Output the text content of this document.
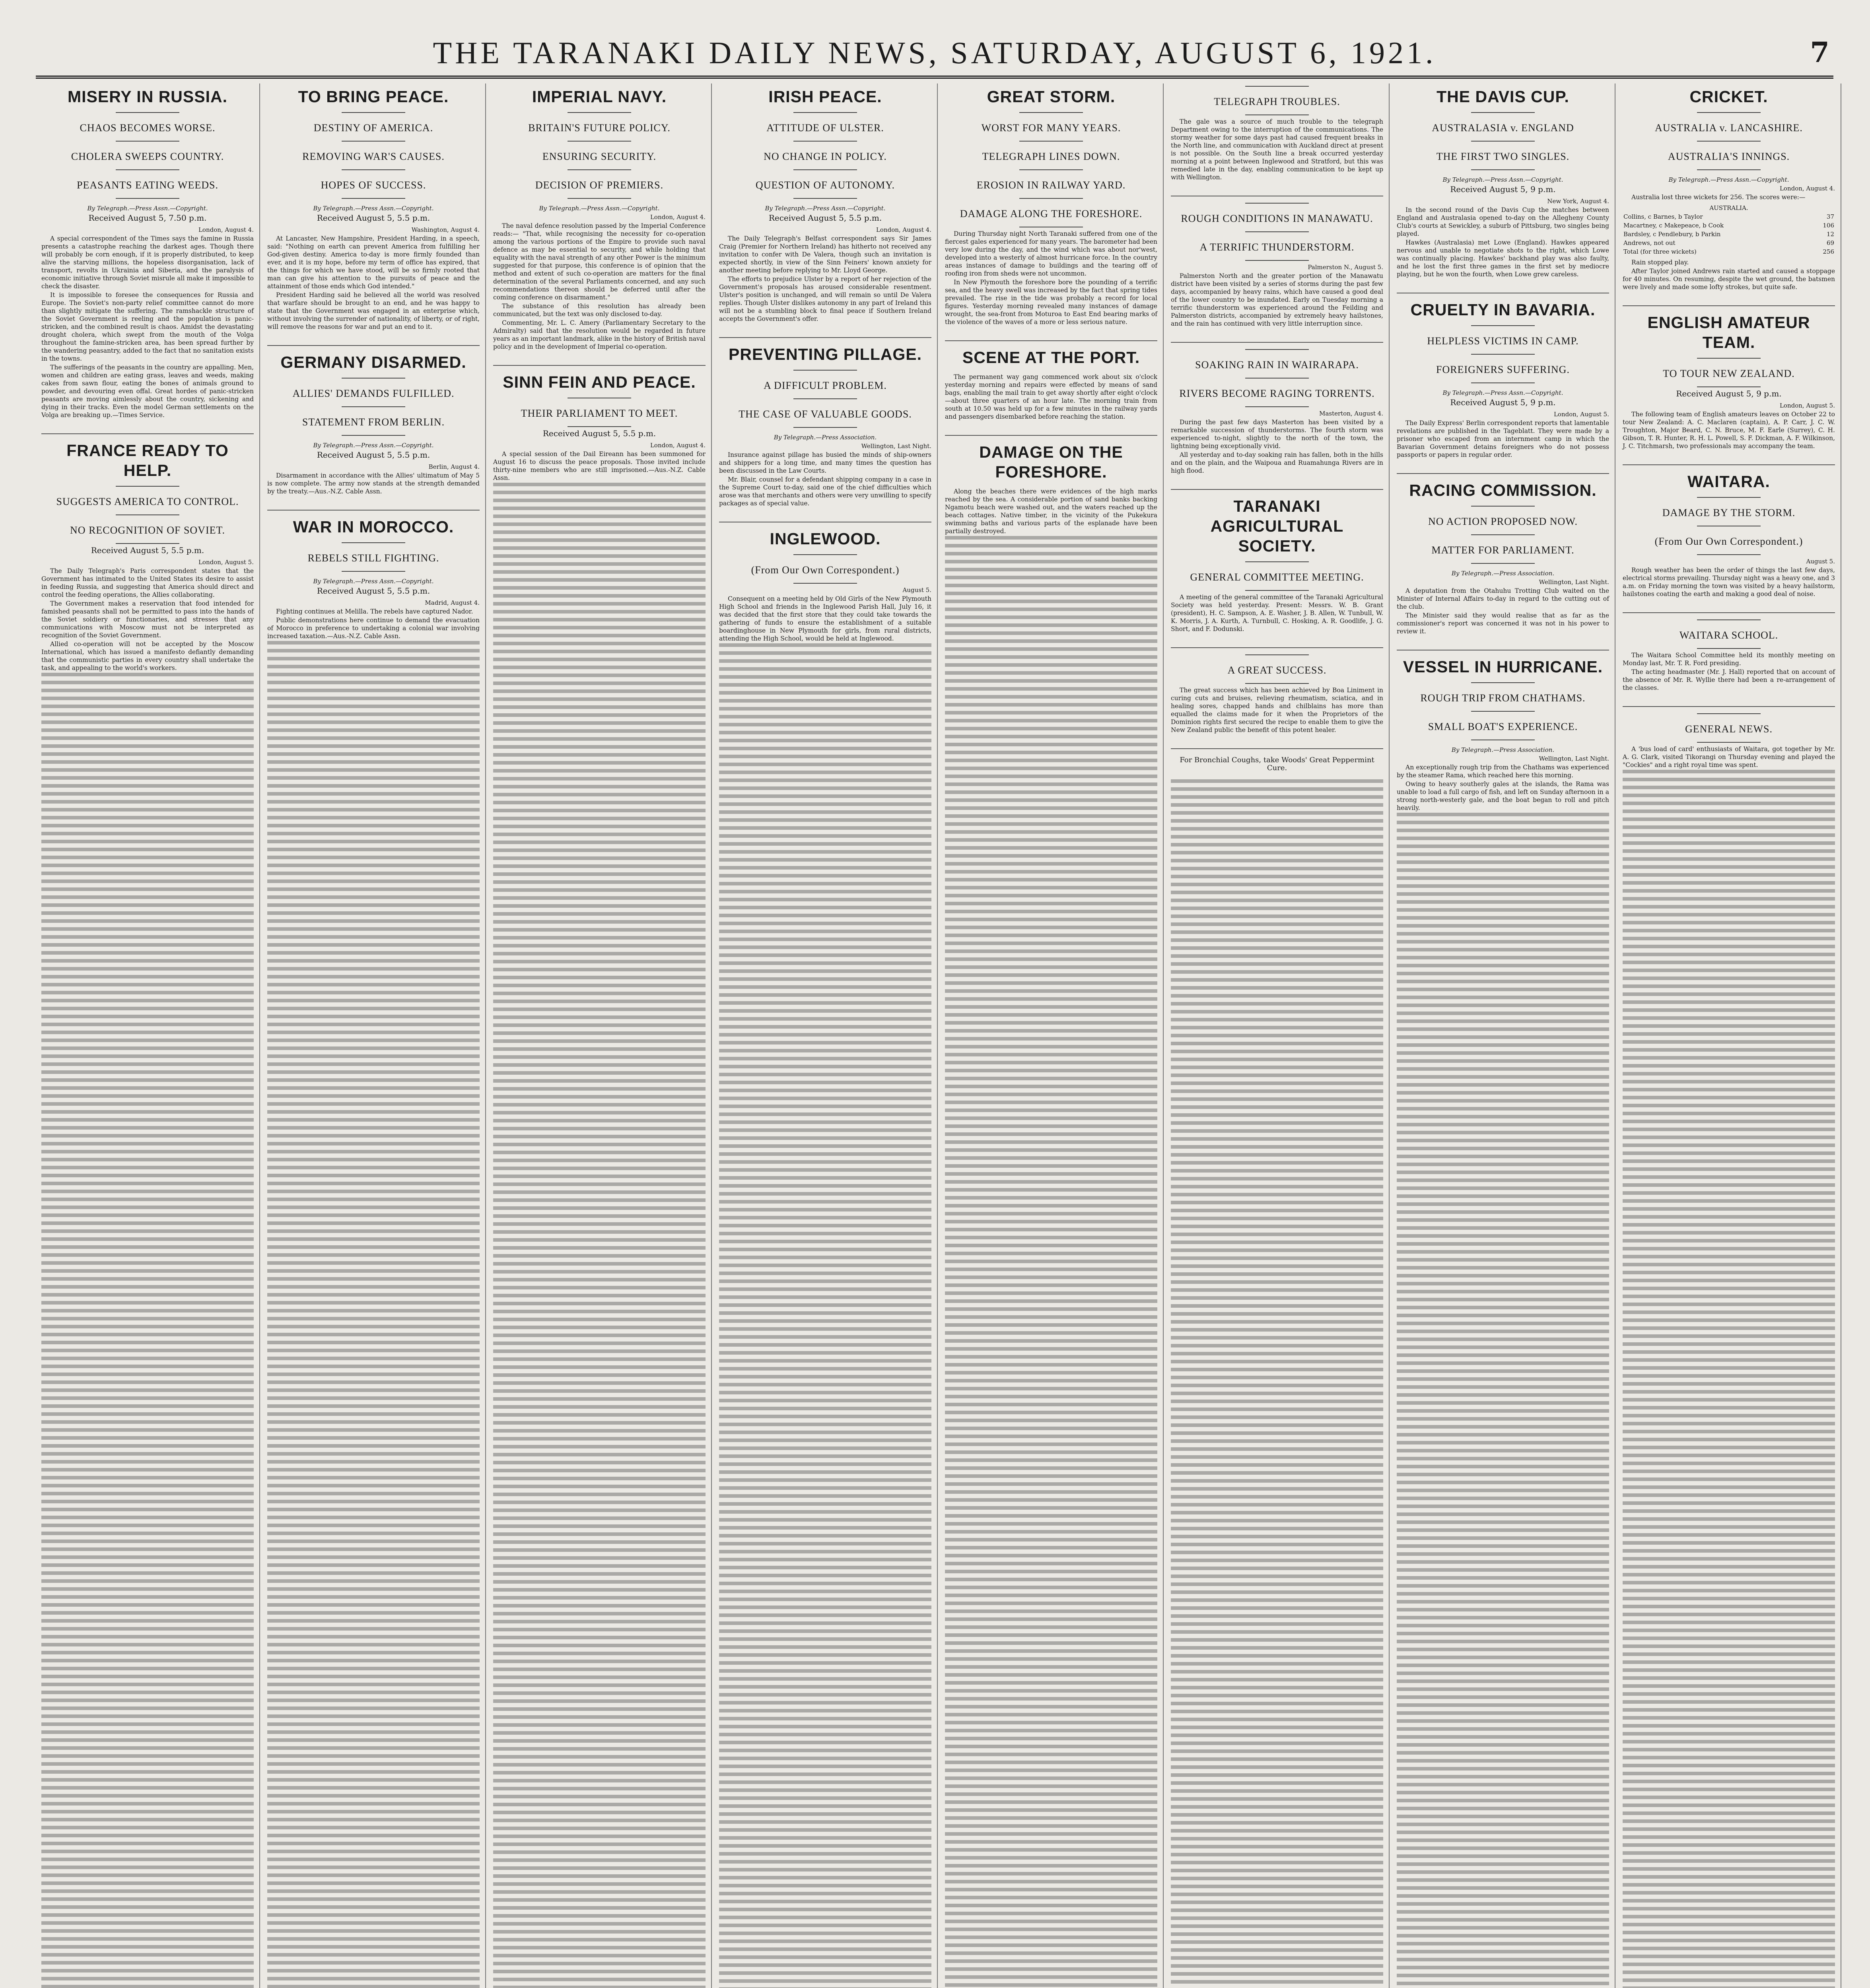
THE TARANAKI DAILY NEWS, SATURDAY, AUGUST 6, 1921.	7
MISERY IN RUSSIA.
CHAOS BECOMES WORSE.
CHOLERA SWEEPS COUNTRY.
PEASANTS EATING WEEDS.
By Telegraph.—Press Assn.—Copyright.
Received August 5, 7.50 p.m.
London, August 4.

A special correspondent of the Times says the famine in Russia presents a catastrophe reaching the darkest ages. Though there will probably be corn enough, if it is properly distributed, to keep alive the starving millions, the hopeless disorganisation, lack of transport, revolts in Ukrainia and Siberia, and the paralysis of economic initiative through Soviet misrule all make it impossible to check the disaster.

It is impossible to foresee the consequences for Russia and Europe. The Soviet's non-party relief committee cannot do more than slightly mitigate the suffering. The ramshackle structure of the Soviet Government is reeling and the population is panic-stricken, and the combined result is chaos. Amidst the devastating drought cholera, which swept from the mouth of the Volga throughout the famine-stricken area, has been spread further by the wandering peasantry, added to the fact that no sanitation exists in the towns.

The sufferings of the peasants in the country are appalling. Men, women and children are eating grass, leaves and weeds, making cakes from sawn flour, eating the bones of animals ground to powder, and devouring even offal. Great hordes of panic-stricken peasants are moving aimlessly about the country, sickening and dying in their tracks. Even the model German settlements on the Volga are breaking up.—Times Service.

FRANCE READY TO HELP.
SUGGESTS AMERICA TO CONTROL.
NO RECOGNITION OF SOVIET.
Received August 5, 5.5 p.m.
London, August 5.

The Daily Telegraph's Paris correspondent states that the Government has intimated to the United States its desire to assist in feeding Russia, and suggesting that America should direct and control the feeding operations, the Allies collaborating.

The Government makes a reservation that food intended for famished peasants shall not be permitted to pass into the hands of the Soviet soldiery or functionaries, and stresses that any communications with Moscow must not be interpreted as recognition of the Soviet Government.

Allied co-operation will not be accepted by the Moscow International, which has issued a manifesto defiantly demanding that the communistic parties in every country shall undertake the task, and appealing to the world's workers.

TO BRING PEACE.
DESTINY OF AMERICA.
REMOVING WAR'S CAUSES.
HOPES OF SUCCESS.
By Telegraph.—Press Assn.—Copyright.
Received August 5, 5.5 p.m.
Washington, August 4.

At Lancaster, New Hampshire, President Harding, in a speech, said: "Nothing on earth can prevent America from fulfilling her God-given destiny. America to-day is more firmly founded than ever, and it is my hope, before my term of office has expired, that the things for which we have stood, will be so firmly rooted that man can give his attention to the pursuits of peace and the attainment of those ends which God intended."

President Harding said he believed all the world was resolved that warfare should be brought to an end, and he was happy to state that the Government was engaged in an enterprise which, without involving the surrender of nationality, of liberty, or of right, will remove the reasons for war and put an end to it.

GERMANY DISARMED.
ALLIES' DEMANDS FULFILLED.
STATEMENT FROM BERLIN.
By Telegraph.—Press Assn.—Copyright.
Received August 5, 5.5 p.m.
Berlin, August 4.

Disarmament in accordance with the Allies' ultimatum of May 5 is now complete. The army now stands at the strength demanded by the treaty.—Aus.-N.Z. Cable Assn.

WAR IN MOROCCO.
REBELS STILL FIGHTING.
By Telegraph.—Press Assn.—Copyright.
Received August 5, 5.5 p.m.
Madrid, August 4.

Fighting continues at Melilla. The rebels have captured Nador.

Public demonstrations here continue to demand the evacuation of Morocco in preference to undertaking a colonial war involving increased taxation.—Aus.-N.Z. Cable Assn.

IMPERIAL NAVY.
BRITAIN'S FUTURE POLICY.
ENSURING SECURITY.
DECISION OF PREMIERS.
By Telegraph.—Press Assn.—Copyright.
London, August 4.

The naval defence resolution passed by the Imperial Conference reads:— "That, while recognising the necessity for co-operation among the various portions of the Empire to provide such naval defence as may be essential to security, and while holding that equality with the naval strength of any other Power is the minimum suggested for that purpose, this conference is of opinion that the method and extent of such co-operation are matters for the final determination of the several Parliaments concerned, and any such recommendations thereon should be deferred until after the coming conference on disarmament."

The substance of this resolution has already been communicated, but the text was only disclosed to-day.

Commenting, Mr. L. C. Amery (Parliamentary Secretary to the Admiralty) said that the resolution would be regarded in future years as an important landmark, alike in the history of British naval policy and in the development of Imperial co-operation.

SINN FEIN AND PEACE.
THEIR PARLIAMENT TO MEET.
Received August 5, 5.5 p.m.
London, August 4.

A special session of the Dail Eireann has been summoned for August 16 to discuss the peace proposals. Those invited include thirty-nine members who are still imprisoned.—Aus.-N.Z. Cable Assn.

IRISH PEACE.
ATTITUDE OF ULSTER.
NO CHANGE IN POLICY.
QUESTION OF AUTONOMY.
By Telegraph.—Press Assn.—Copyright.
Received August 5, 5.5 p.m.
London, August 4.

The Daily Telegraph's Belfast correspondent says Sir James Craig (Premier for Northern Ireland) has hitherto not received any invitation to confer with De Valera, though such an invitation is expected shortly, in view of the Sinn Feiners' known anxiety for another meeting before replying to Mr. Lloyd George.

The efforts to prejudice Ulster by a report of her rejection of the Government's proposals has aroused considerable resentment. Ulster's position is unchanged, and will remain so until De Valera replies. Though Ulster dislikes autonomy in any part of Ireland this will not be a stumbling block to final peace if Southern Ireland accepts the Government's offer.

PREVENTING PILLAGE.
A DIFFICULT PROBLEM.
THE CASE OF VALUABLE GOODS.
By Telegraph.—Press Association.
Wellington, Last Night.

Insurance against pillage has busied the minds of ship-owners and shippers for a long time, and many times the question has been discussed in the Law Courts.

Mr. Blair, counsel for a defendant shipping company in a case in the Supreme Court to-day, said one of the chief difficulties which arose was that merchants and others were very unwilling to specify packages as of special value.

INGLEWOOD.
(From Our Own Correspondent.)
August 5.

Consequent on a meeting held by Old Girls of the New Plymouth High School and friends in the Inglewood Parish Hall, July 16, it was decided that the first store that they could take towards the gathering of funds to ensure the establishment of a suitable boardinghouse in New Plymouth for girls, from rural districts, attending the High School, would be held at Inglewood.

GREAT STORM.
WORST FOR MANY YEARS.
TELEGRAPH LINES DOWN.
EROSION IN RAILWAY YARD.
DAMAGE ALONG THE FORESHORE.

During Thursday night North Taranaki suffered from one of the fiercest gales experienced for many years. The barometer had been very low during the day, and the wind which was about nor'west, developed into a westerly of almost hurricane force. In the country areas instances of damage to buildings and the tearing off of roofing iron from sheds were not uncommon.

In New Plymouth the foreshore bore the pounding of a terrific sea, and the heavy swell was increased by the fact that spring tides prevailed. The rise in the tide was probably a record for local figures. Yesterday morning revealed many instances of damage wrought, the sea-front from Moturoa to East End bearing marks of the violence of the waves of a more or less serious nature.

SCENE AT THE PORT.

The permanent way gang commenced work about six o'clock yesterday morning and repairs were effected by means of sand bags, enabling the mail train to get away shortly after eight o'clock—about three quarters of an hour late. The morning train from south at 10.50 was held up for a few minutes in the railway yards and passengers disembarked before reaching the station.

DAMAGE ON THE FORESHORE.

Along the beaches there were evidences of the high marks reached by the sea. A considerable portion of sand banks backing Ngamotu beach were washed out, and the waters reached up the beach cottages. Native timber, in the vicinity of the Pukekura swimming baths and various parts of the esplanade have been partially destroyed.

TELEGRAPH TROUBLES.

The gale was a source of much trouble to the telegraph Department owing to the interruption of the communications. The stormy weather for some days past had caused frequent breaks in the North line, and communication with Auckland direct at present is not possible. On the South line a break occurred yesterday morning at a point between Inglewood and Stratford, but this was remedied late in the day, enabling communication to be kept up with Wellington.

ROUGH CONDITIONS IN MANAWATU.
A TERRIFIC THUNDERSTORM.
Palmerston N., August 5.

Palmerston North and the greater portion of the Manawatu district have been visited by a series of storms during the past few days, accompanied by heavy rains, which have caused a good deal of the lower country to be inundated. Early on Tuesday morning a terrific thunderstorm was experienced around the Feilding and Palmerston districts, accompanied by extremely heavy hailstones, and the rain has continued with very little interruption since.

SOAKING RAIN IN WAIRARAPA.
RIVERS BECOME RAGING TORRENTS.
Masterton, August 4.

During the past few days Masterton has been visited by a remarkable succession of thunderstorms. The fourth storm was experienced to-night, slightly to the north of the town, the lightning being exceptionally vivid.

All yesterday and to-day soaking rain has fallen, both in the hills and on the plain, and the Waipoua and Ruamahunga Rivers are in high flood.

TARANAKI AGRICULTURAL SOCIETY.
GENERAL COMMITTEE MEETING.

A meeting of the general committee of the Taranaki Agricultural Society was held yesterday. Present: Messrs. W. B. Grant (president), H. C. Sampson, A. E. Washer, J. B. Allen, W. Tunbull, W. K. Morris, J. A. Kurth, A. Turnbull, C. Hosking, A. R. Goodlife, J. G. Short, and F. Dodunski.

A GREAT SUCCESS.

The great success which has been achieved by Boa Liniment in curing cuts and bruises, relieving rheumatism, sciatica, and in healing sores, chapped hands and chilblains has more than equalled the claims made for it when the Proprietors of the Dominion rights first secured the recipe to enable them to give the New Zealand public the benefit of this potent healer.

For Bronchial Coughs, take Woods' Great Peppermint Cure.
THE DAVIS CUP.
AUSTRALASIA v. ENGLAND
THE FIRST TWO SINGLES.
By Telegraph.—Press Assn.—Copyright.
Received August 5, 9 p.m.
New York, August 4.

In the second round of the Davis Cup the matches between England and Australasia opened to-day on the Allegheny County Club's courts at Sewickley, a suburb of Pittsburg, two singles being played.

Hawkes (Australasia) met Lowe (England). Hawkes appeared nervous and unable to negotiate shots to the right, which Lowe was continually placing. Hawkes' backhand play was also faulty, and he lost the first three games in the first set by mediocre playing, but he won the fourth, when Lowe grew careless.

CRUELTY IN BAVARIA.
HELPLESS VICTIMS IN CAMP.
FOREIGNERS SUFFERING.
By Telegraph.—Press Assn.—Copyright.
Received August 5, 9 p.m.
London, August 5.

The Daily Express' Berlin correspondent reports that lamentable revelations are published in the Tageblatt. They were made by a prisoner who escaped from an internment camp in which the Bavarian Government detains foreigners who do not possess passports or papers in regular order.

RACING COMMISSION.
NO ACTION PROPOSED NOW.
MATTER FOR PARLIAMENT.
By Telegraph.—Press Association.
Wellington, Last Night.

A deputation from the Otahuhu Trotting Club waited on the Minister of Internal Affairs to-day in regard to the cutting out of the club.

The Minister said they would realise that as far as the commissioner's report was concerned it was not in his power to review it.

VESSEL IN HURRICANE.
ROUGH TRIP FROM CHATHAMS.
SMALL BOAT'S EXPERIENCE.
By Telegraph.—Press Association.
Wellington, Last Night.

An exceptionally rough trip from the Chathams was experienced by the steamer Rama, which reached here this morning.

Owing to heavy southerly gales at the islands, the Rama was unable to load a full cargo of fish, and left on Sunday afternoon in a strong north-westerly gale, and the boat began to roll and pitch heavily.

CRICKET.
AUSTRALIA v. LANCASHIRE.
AUSTRALIA'S INNINGS.
By Telegraph.—Press Assn.—Copyright.
London, August 4.

Australia lost three wickets for 256. The scores were:—

AUSTRALIA.	
Collins, c Barnes, b Taylor	37
Macartney, c Makepeace, b Cook	106
Bardsley, c Pendlebury, b Parkin	12
Andrews, not out	69
Total (for three wickets)	256

Rain stopped play.

After Taylor joined Andrews rain started and caused a stoppage for 40 minutes. On resuming, despite the wet ground, the batsmen were lively and made some lofty strokes, but quite safe.

ENGLISH AMATEUR TEAM.
TO TOUR NEW ZEALAND.
Received August 5, 9 p.m.
London, August 5.

The following team of English amateurs leaves on October 22 to tour New Zealand: A. C. Maclaren (captain), A. P. Carr, J. C. W. Troughton, Major Beard, C. N. Bruce, M. F. Earle (Surrey), C. H. Gibson, T. R. Hunter, R. H. L. Powell, S. F. Dickman, A. F. Wilkinson, J. C. Titchmarsh, two professionals may accompany the team.

WAITARA.
DAMAGE BY THE STORM.
(From Our Own Correspondent.)
August 5.

Rough weather has been the order of things the last few days, electrical storms prevailing. Thursday night was a heavy one, and 3 a.m. on Friday morning the town was visited by a heavy hailstorm, hailstones coating the earth and making a good deal of noise.

WAITARA SCHOOL.

The Waitara School Committee held its monthly meeting on Monday last, Mr. T. R. Ford presiding.

The acting headmaster (Mr. J. Hall) reported that on account of the absence of Mr. R. Wyllie there had been a re-arrangement of the classes.

GENERAL NEWS.

A 'bus load of card' enthusiasts of Waitara, got together by Mr. A. G. Clark, visited Tikorangi on Thursday evening and played the "Cockies" and a right royal time was spent.
